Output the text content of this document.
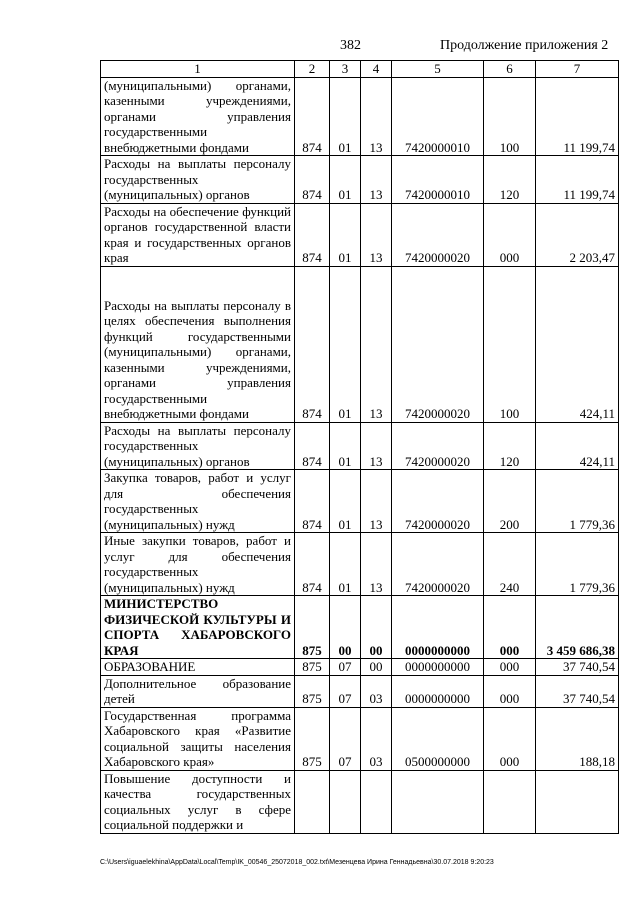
382	Продолжение приложения 2
1	2	3	4	5	6	7
(муниципальными) органами, казенными учреждениями, органами управления государственными внебюджетными фондами	874	01	13	7420000010	100	11 199,74
Расходы на выплаты персоналу государственных (муниципальных) органов	874	01	13	7420000010	120	11 199,74
Расходы на обеспечение функций органов государственной власти края и государственных органов края	874	01	13	7420000020	000	2 203,47
Расходы на выплаты персоналу в целях обеспечения выполнения функций государственными (муниципальными) органами, казенными учреждениями, органами управления государственными внебюджетными фондами	874	01	13	7420000020	100	424,11
Расходы на выплаты персоналу государственных (муниципальных) органов	874	01	13	7420000020	120	424,11
Закупка товаров, работ и услуг для обеспечения государственных (муниципальных) нужд	874	01	13	7420000020	200	1 779,36
Иные закупки товаров, работ и услуг для обеспечения государственных (муниципальных) нужд	874	01	13	7420000020	240	1 779,36
МИНИСТЕРСТВО ФИЗИЧЕСКОЙ КУЛЬТУРЫ И СПОРТА ХАБАРОВСКОГО КРАЯ	875	00	00	0000000000	000	3 459 686,38
ОБРАЗОВАНИЕ	875	07	00	0000000000	000	37 740,54
Дополнительное образование детей	875	07	03	0000000000	000	37 740,54
Государственная программа Хабаровского края «Развитие социальной защиты населения Хабаровского края»	875	07	03	0500000000	000	188,18
Повышение доступности и качества государственных социальных услуг в сфере социальной поддержки и						
C:\Users\iguaelekhina\AppData\Local\Temp\IK_00546_25072018_002.txt\Мезенцева Ирина Геннадьевна\30.07.2018 9:20:23
